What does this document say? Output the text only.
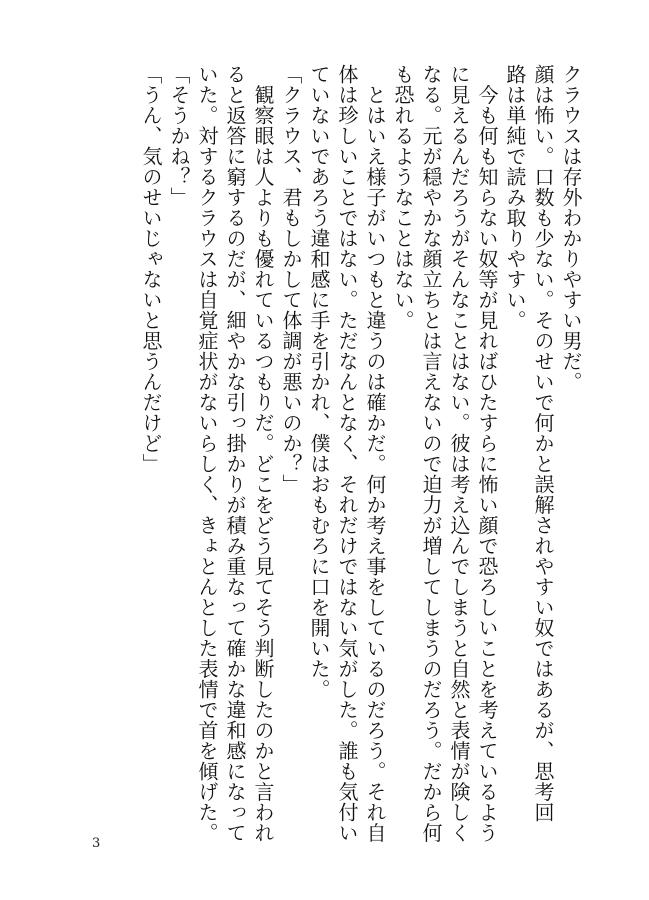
クラウスは存外わかりやすい男だ。
顔は怖い。口数も少ない。そのせいで何かと誤解されやすい奴ではあるが、思考回
路は単純で読み取りやすい。
　今も何も知らない奴等が見ればひたすらに怖い顔で恐ろしいことを考えているよう
に見えるんだろうがそんなことはない。彼は考え込んでしまうと自然と表情が険しく
なる。元が穏やかな顔立ちとは言えないので迫力が増してしまうのだろう。だから何
も恐れるようなことはない。
　とはいえ様子がいつもと違うのは確かだ。何か考え事をしているのだろう。それ自
体は珍しいことではない。ただなんとなく、それだけではない気がした。誰も気付い
ていないであろう違和感に手を引かれ、僕はおもむろに口を開いた。
「クラウス、君もしかして体調が悪いのか？」
　観察眼は人よりも優れているつもりだ。どこをどう見てそう判断したのかと言われ
ると返答に窮するのだが、細やかな引っ掛かりが積み重なって確かな違和感になって
いた。対するクラウスは自覚症状がないらしく、きょとんとした表情で首を傾げた。
「そうかね？」
「うん、気のせいじゃないと思うんだけど」
3
